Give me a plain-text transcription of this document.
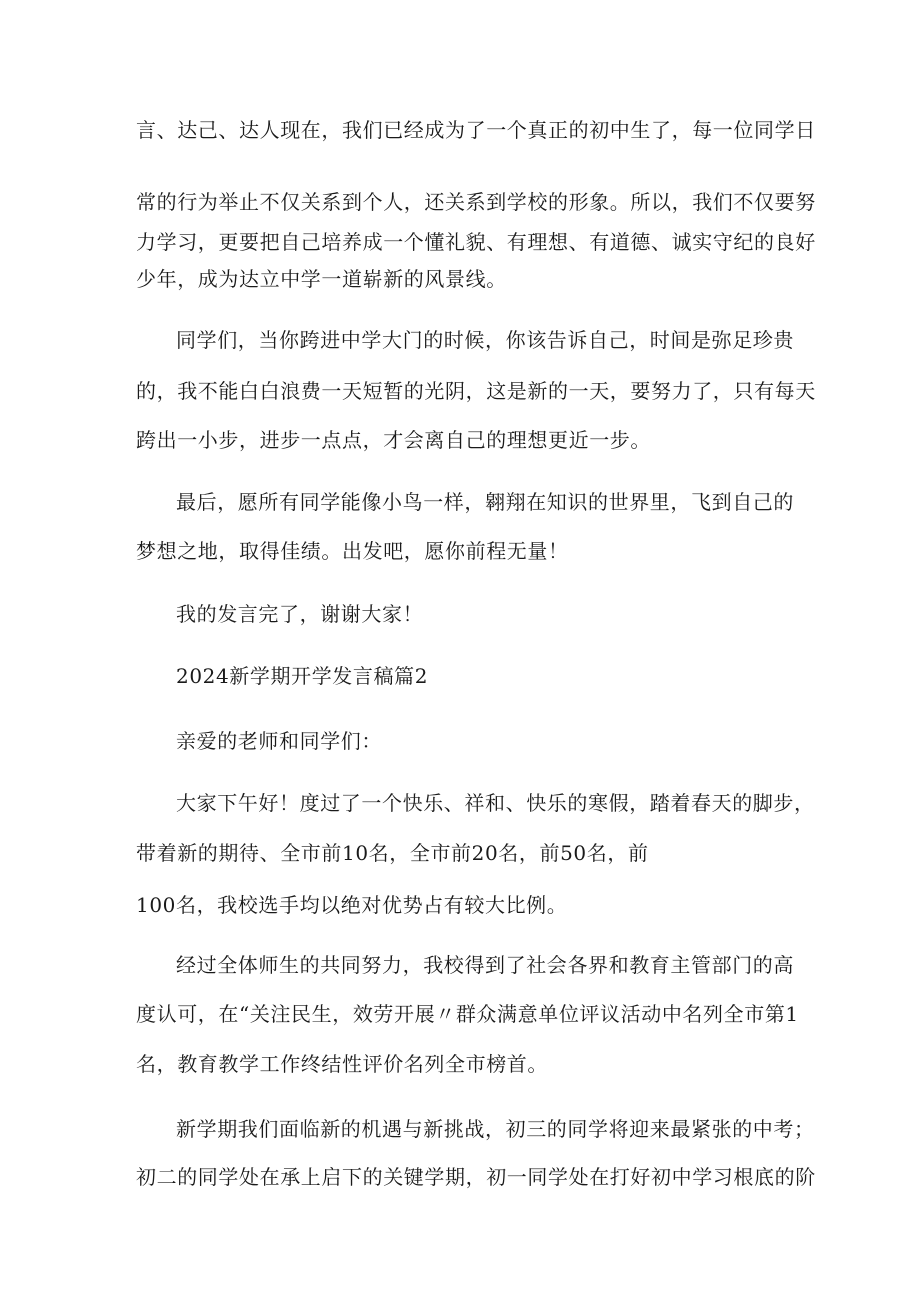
言、达己、达人现在，我们已经成为了一个真正的初中生了，每一位同学日
常的行为举止不仅关系到个人，还关系到学校的形象。所以，我们不仅要努
力学习，更要把自己培养成一个懂礼貌、有理想、有道德、诚实守纪的良好
少年，成为达立中学一道崭新的风景线。
同学们，当你跨进中学大门的时候，你该告诉自己，时间是弥足珍贵
的，我不能白白浪费一天短暂的光阴，这是新的一天，要努力了，只有每天
跨出一小步，进步一点点，才会离自己的理想更近一步。
最后，愿所有同学能像小鸟一样，翱翔在知识的世界里，飞到自己的
梦想之地，取得佳绩。出发吧，愿你前程无量！
我的发言完了，谢谢大家！
2024新学期开学发言稿篇2
亲爱的老师和同学们：
大家下午好！度过了一个快乐、祥和、快乐的寒假，踏着春天的脚步，
带着新的期待、全市前10名，全市前20名，前50名，前
100名，我校选手均以绝对优势占有较大比例。
经过全体师生的共同努力，我校得到了社会各界和教育主管部门的高
度认可，在“关注民生，效劳开展〃群众满意单位评议活动中名列全市第1
名，教育教学工作终结性评价名列全市榜首。
新学期我们面临新的机遇与新挑战，初三的同学将迎来最紧张的中考；
初二的同学处在承上启下的关键学期，初一同学处在打好初中学习根底的阶
